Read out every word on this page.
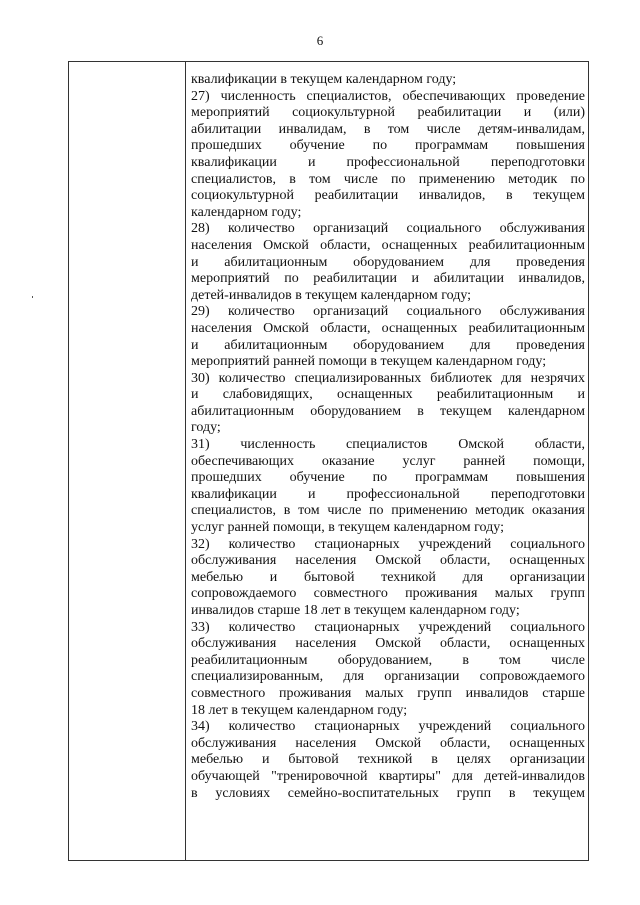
6
квалификации в текущем календарном году;
27) численность специалистов, обеспечивающих проведение
мероприятий социокультурной реабилитации и (или)
абилитации инвалидам, в том числе детям-инвалидам,
прошедших обучение по программам повышения
квалификации и профессиональной переподготовки
специалистов, в том числе по применению методик по
социокультурной реабилитации инвалидов, в текущем
календарном году;
28) количество организаций социального обслуживания
населения Омской области, оснащенных реабилитационным
и абилитационным оборудованием для проведения
мероприятий по реабилитации и абилитации инвалидов,
детей-инвалидов в текущем календарном году;
29) количество организаций социального обслуживания
населения Омской области, оснащенных реабилитационным
и абилитационным оборудованием для проведения
мероприятий ранней помощи в текущем календарном году;
30) количество специализированных библиотек для незрячих
и слабовидящих, оснащенных реабилитационным и
абилитационным оборудованием в текущем календарном
году;
31) численность специалистов Омской области,
обеспечивающих оказание услуг ранней помощи,
прошедших обучение по программам повышения
квалификации и профессиональной переподготовки
специалистов, в том числе по применению методик оказания
услуг ранней помощи, в текущем календарном году;
32) количество стационарных учреждений социального
обслуживания населения Омской области, оснащенных
мебелью и бытовой техникой для организации
сопровождаемого совместного проживания малых групп
инвалидов старше 18 лет в текущем календарном году;
33) количество стационарных учреждений социального
обслуживания населения Омской области, оснащенных
реабилитационным оборудованием, в том числе
специализированным, для организации сопровождаемого
совместного проживания малых групп инвалидов старше
18 лет в текущем календарном году;
34) количество стационарных учреждений социального
обслуживания населения Омской области, оснащенных
мебелью и бытовой техникой в целях организации
обучающей "тренировочной квартиры" для детей-инвалидов
в условиях семейно-воспитательных групп в текущем
